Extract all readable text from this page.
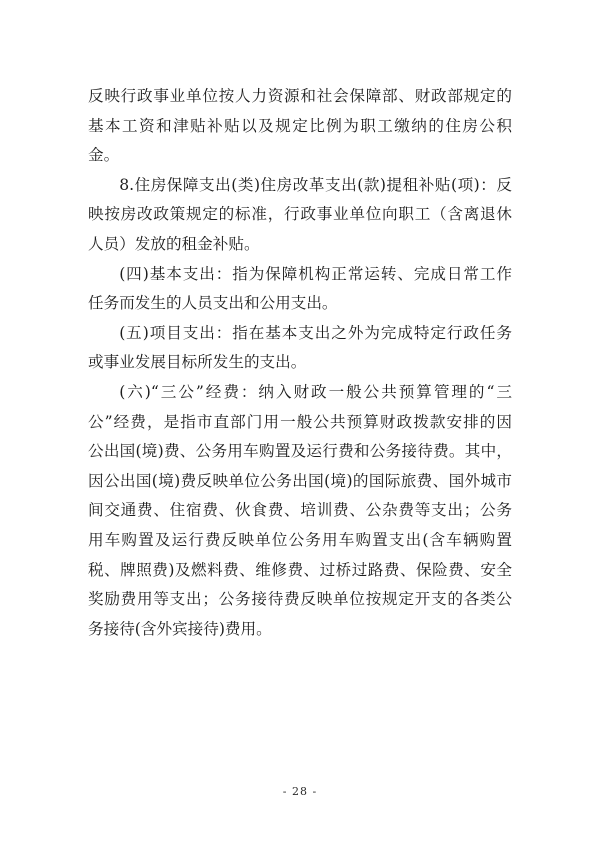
反映行政事业单位按人力资源和社会保障部、财政部规定的
基本工资和津贴补贴以及规定比例为职工缴纳的住房公积
金。
8.住房保障支出(类)住房改革支出(款)提租补贴(项)：反
映按房改政策规定的标准，行政事业单位向职工（含离退休
人员）发放的租金补贴。
(四)基本支出：指为保障机构正常运转、完成日常工作
任务而发生的人员支出和公用支出。
(五)项目支出：指在基本支出之外为完成特定行政任务
或事业发展目标所发生的支出。
(六)“三公”经费：纳入财政一般公共预算管理的“三
公”经费，是指市直部门用一般公共预算财政拨款安排的因
公出国(境)费、公务用车购置及运行费和公务接待费。其中，
因公出国(境)费反映单位公务出国(境)的国际旅费、国外城市
间交通费、住宿费、伙食费、培训费、公杂费等支出；公务
用车购置及运行费反映单位公务用车购置支出(含车辆购置
税、牌照费)及燃料费、维修费、过桥过路费、保险费、安全
奖励费用等支出；公务接待费反映单位按规定开支的各类公
务接待(含外宾接待)费用。
- 28 -
